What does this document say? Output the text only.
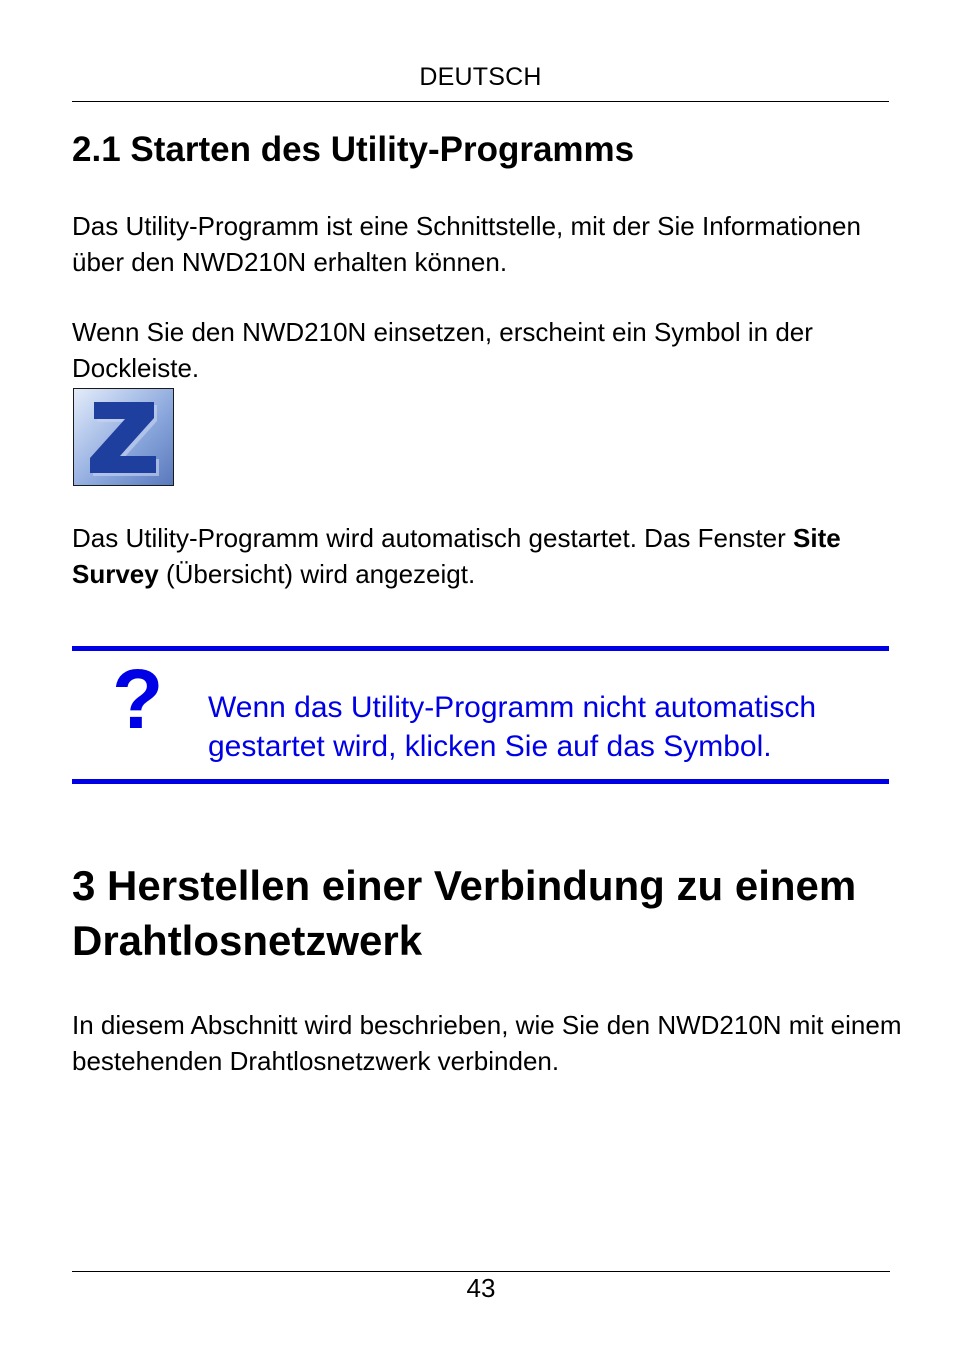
DEUTSCH
2.1 Starten des Utility-Programms

Das Utility-Programm ist eine Schnittstelle, mit der Sie Informationen über den NWD210N erhalten können.

Wenn Sie den NWD210N einsetzen, erscheint ein Symbol in der Dockleiste.

Das Utility-Programm wird automatisch gestartet. Das Fenster Site Survey (Übersicht) wird angezeigt.

? Wenn das Utility-Programm nicht automatisch gestartet wird, klicken Sie auf das Symbol.

3 Herstellen einer Verbindung zu einem Drahtlosnetzwerk

In diesem Abschnitt wird beschrieben, wie Sie den NWD210N mit einem bestehenden Drahtlosnetzwerk verbinden.

43
